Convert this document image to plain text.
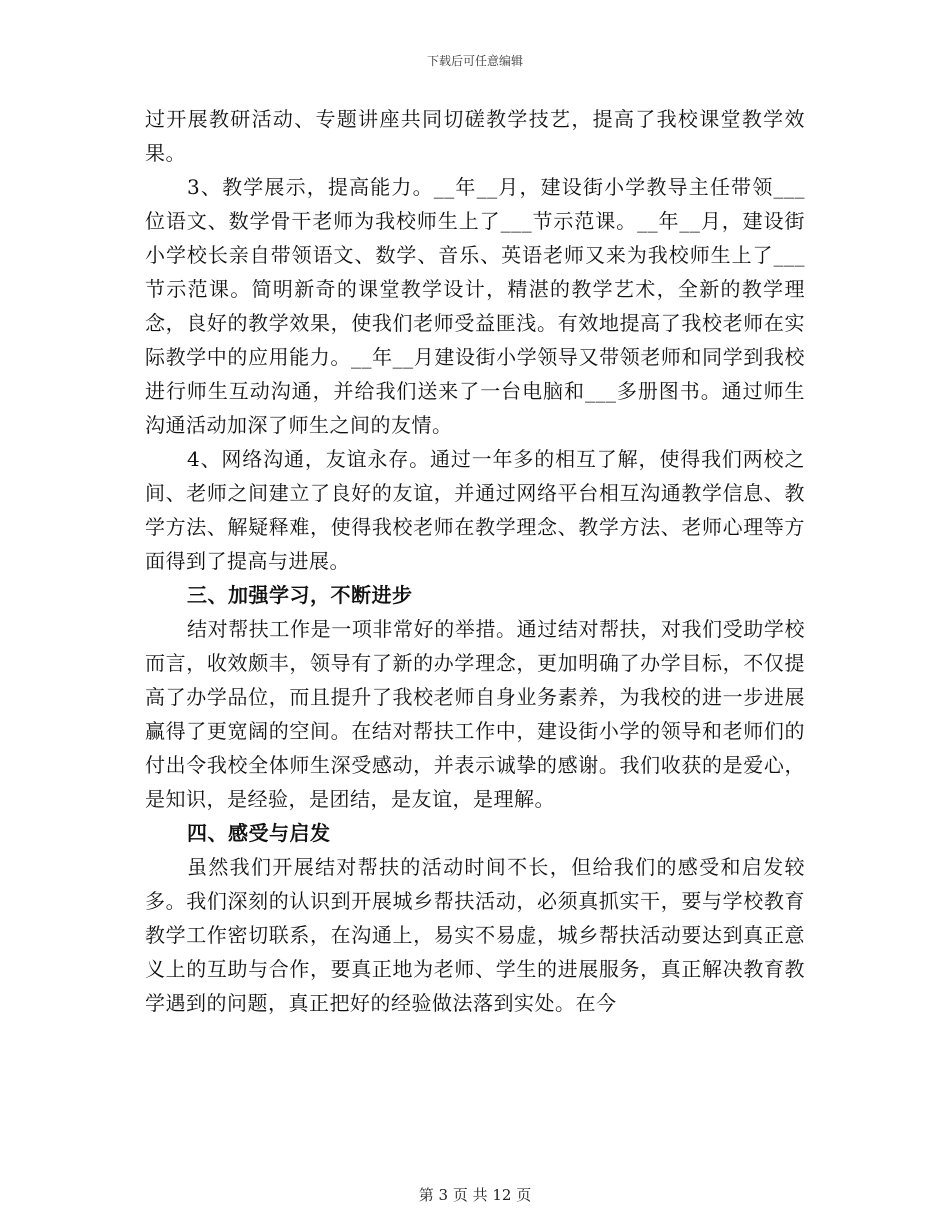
下载后可任意编辑

过开展教研活动、专题讲座共同切磋教学技艺，提高了我校课堂教学效果。

3、教学展示，提高能力。__年__月，建设街小学教导主任带领___位语文、数学骨干老师为我校师生上了___节示范课。__年__月，建设街小学校长亲自带领语文、数学、音乐、英语老师又来为我校师生上了___节示范课。简明新奇的课堂教学设计，精湛的教学艺术，全新的教学理念，良好的教学效果，使我们老师受益匪浅。有效地提高了我校老师在实际教学中的应用能力。__年__月建设街小学领导又带领老师和同学到我校进行师生互动沟通，并给我们送来了一台电脑和___多册图书。通过师生沟通活动加深了师生之间的友情。

4、网络沟通，友谊永存。通过一年多的相互了解，使得我们两校之间、老师之间建立了良好的友谊，并通过网络平台相互沟通教学信息、教学方法、解疑释难，使得我校老师在教学理念、教学方法、老师心理等方面得到了提高与进展。

三、加强学习，不断进步

结对帮扶工作是一项非常好的举措。通过结对帮扶，对我们受助学校而言，收效颇丰，领导有了新的办学理念，更加明确了办学目标，不仅提高了办学品位，而且提升了我校老师自身业务素养，为我校的进一步进展赢得了更宽阔的空间。在结对帮扶工作中，建设街小学的领导和老师们的付出令我校全体师生深受感动，并表示诚挚的感谢。我们收获的是爱心，是知识，是经验，是团结，是友谊，是理解。

四、感受与启发

虽然我们开展结对帮扶的活动时间不长，但给我们的感受和启发较多。我们深刻的认识到开展城乡帮扶活动，必须真抓实干，要与学校教育教学工作密切联系，在沟通上，易实不易虚，城乡帮扶活动要达到真正意义上的互助与合作，要真正地为老师、学生的进展服务，真正解决教育教学遇到的问题，真正把好的经验做法落到实处。在今

第 3 页 共 12 页
